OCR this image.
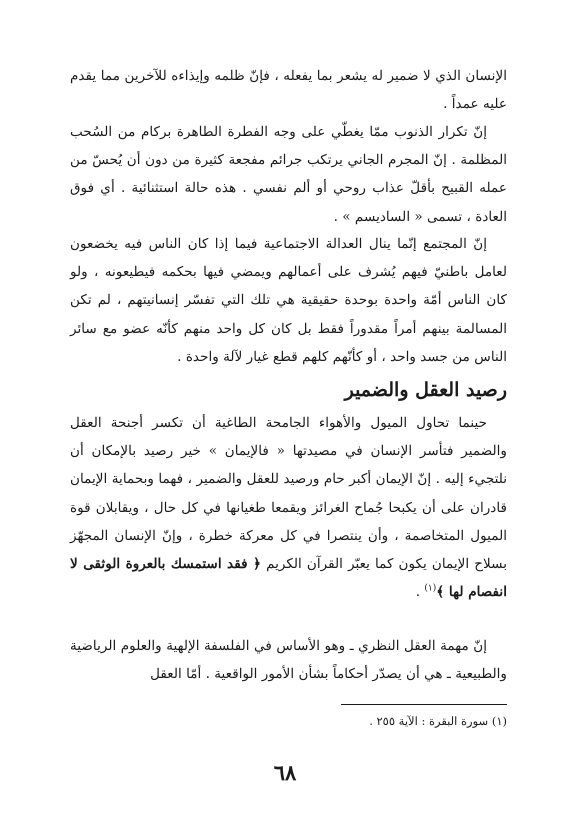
الإنسان الذي لا ضمير له يشعر بما يفعله ، فإنّ ظلمه وإيذاءه للآخرين مما يقدم عليه عمداً .

إنّ تكرار الذنوب ممّا يغطّي على وجه الفطرة الطاهرة بركام من السُحب المظلمة . إنّ المجرم الجاني يرتكب جرائم مفجعة كثيرة من دون أن يُحسّ من عمله القبيح بأقلّ عذاب روحي أو ألم نفسي . هذه حالة استثنائية . أي فوق العادة ، تسمى « الساديسم » .

إنّ المجتمع إنّما ينال العدالة الاجتماعية فيما إذا كان الناس فيه يخضعون لعامل باطنيّ فيهم يُشرف على أعمالهم ويمضي فيها بحكمه فيطيعونه ، ولو كان الناس أمّة واحدة بوحدة حقيقية هي تلك التي تفسّر إنسانيتهم ، لم تكن المسالمة بينهم أمراً مقدوراً فقط بل كان كل واحد منهم كأنّه عضو مع سائر الناس من جسد واحد ، أو كأنّهم كلهم قطع غيار لآلة واحدة .

رصيد العقل والضمير

حينما تحاول الميول والأهواء الجامحة الطاغية أن تكسر أجنحة العقل والضمير فتأسر الإنسان في مصيدتها « فالإيمان » خير رصيد بالإمكان أن نلتجيء إليه . إنّ الإيمان أكبر حام ورصيد للعقل والضمير ، فهما وبحماية الإيمان قادران على أن يكبحا جُماح الغرائز ويقمعا طغيانها في كل حال ، ويقابلان قوة الميول المتخاصمة ، وأن ينتصرا في كل معركة خطرة ، وإنّ الإنسان المجهّز بسلاح الإيمان يكون كما يعبّر القرآن الكريم ﴿ فقد استمسك بالعروة الوثقى لا انفصام لها ﴾$^{(١)}$ .

إنّ مهمة العقل النظري ـ وهو الأساس في الفلسفة الإلهية والعلوم الرياضية والطبيعية ـ هي أن يصدّر أحكاماً بشأن الأمور الواقعية . أمّا العقل

(١) سورة البقرة : الآية ٢٥٥ .

٦٨
